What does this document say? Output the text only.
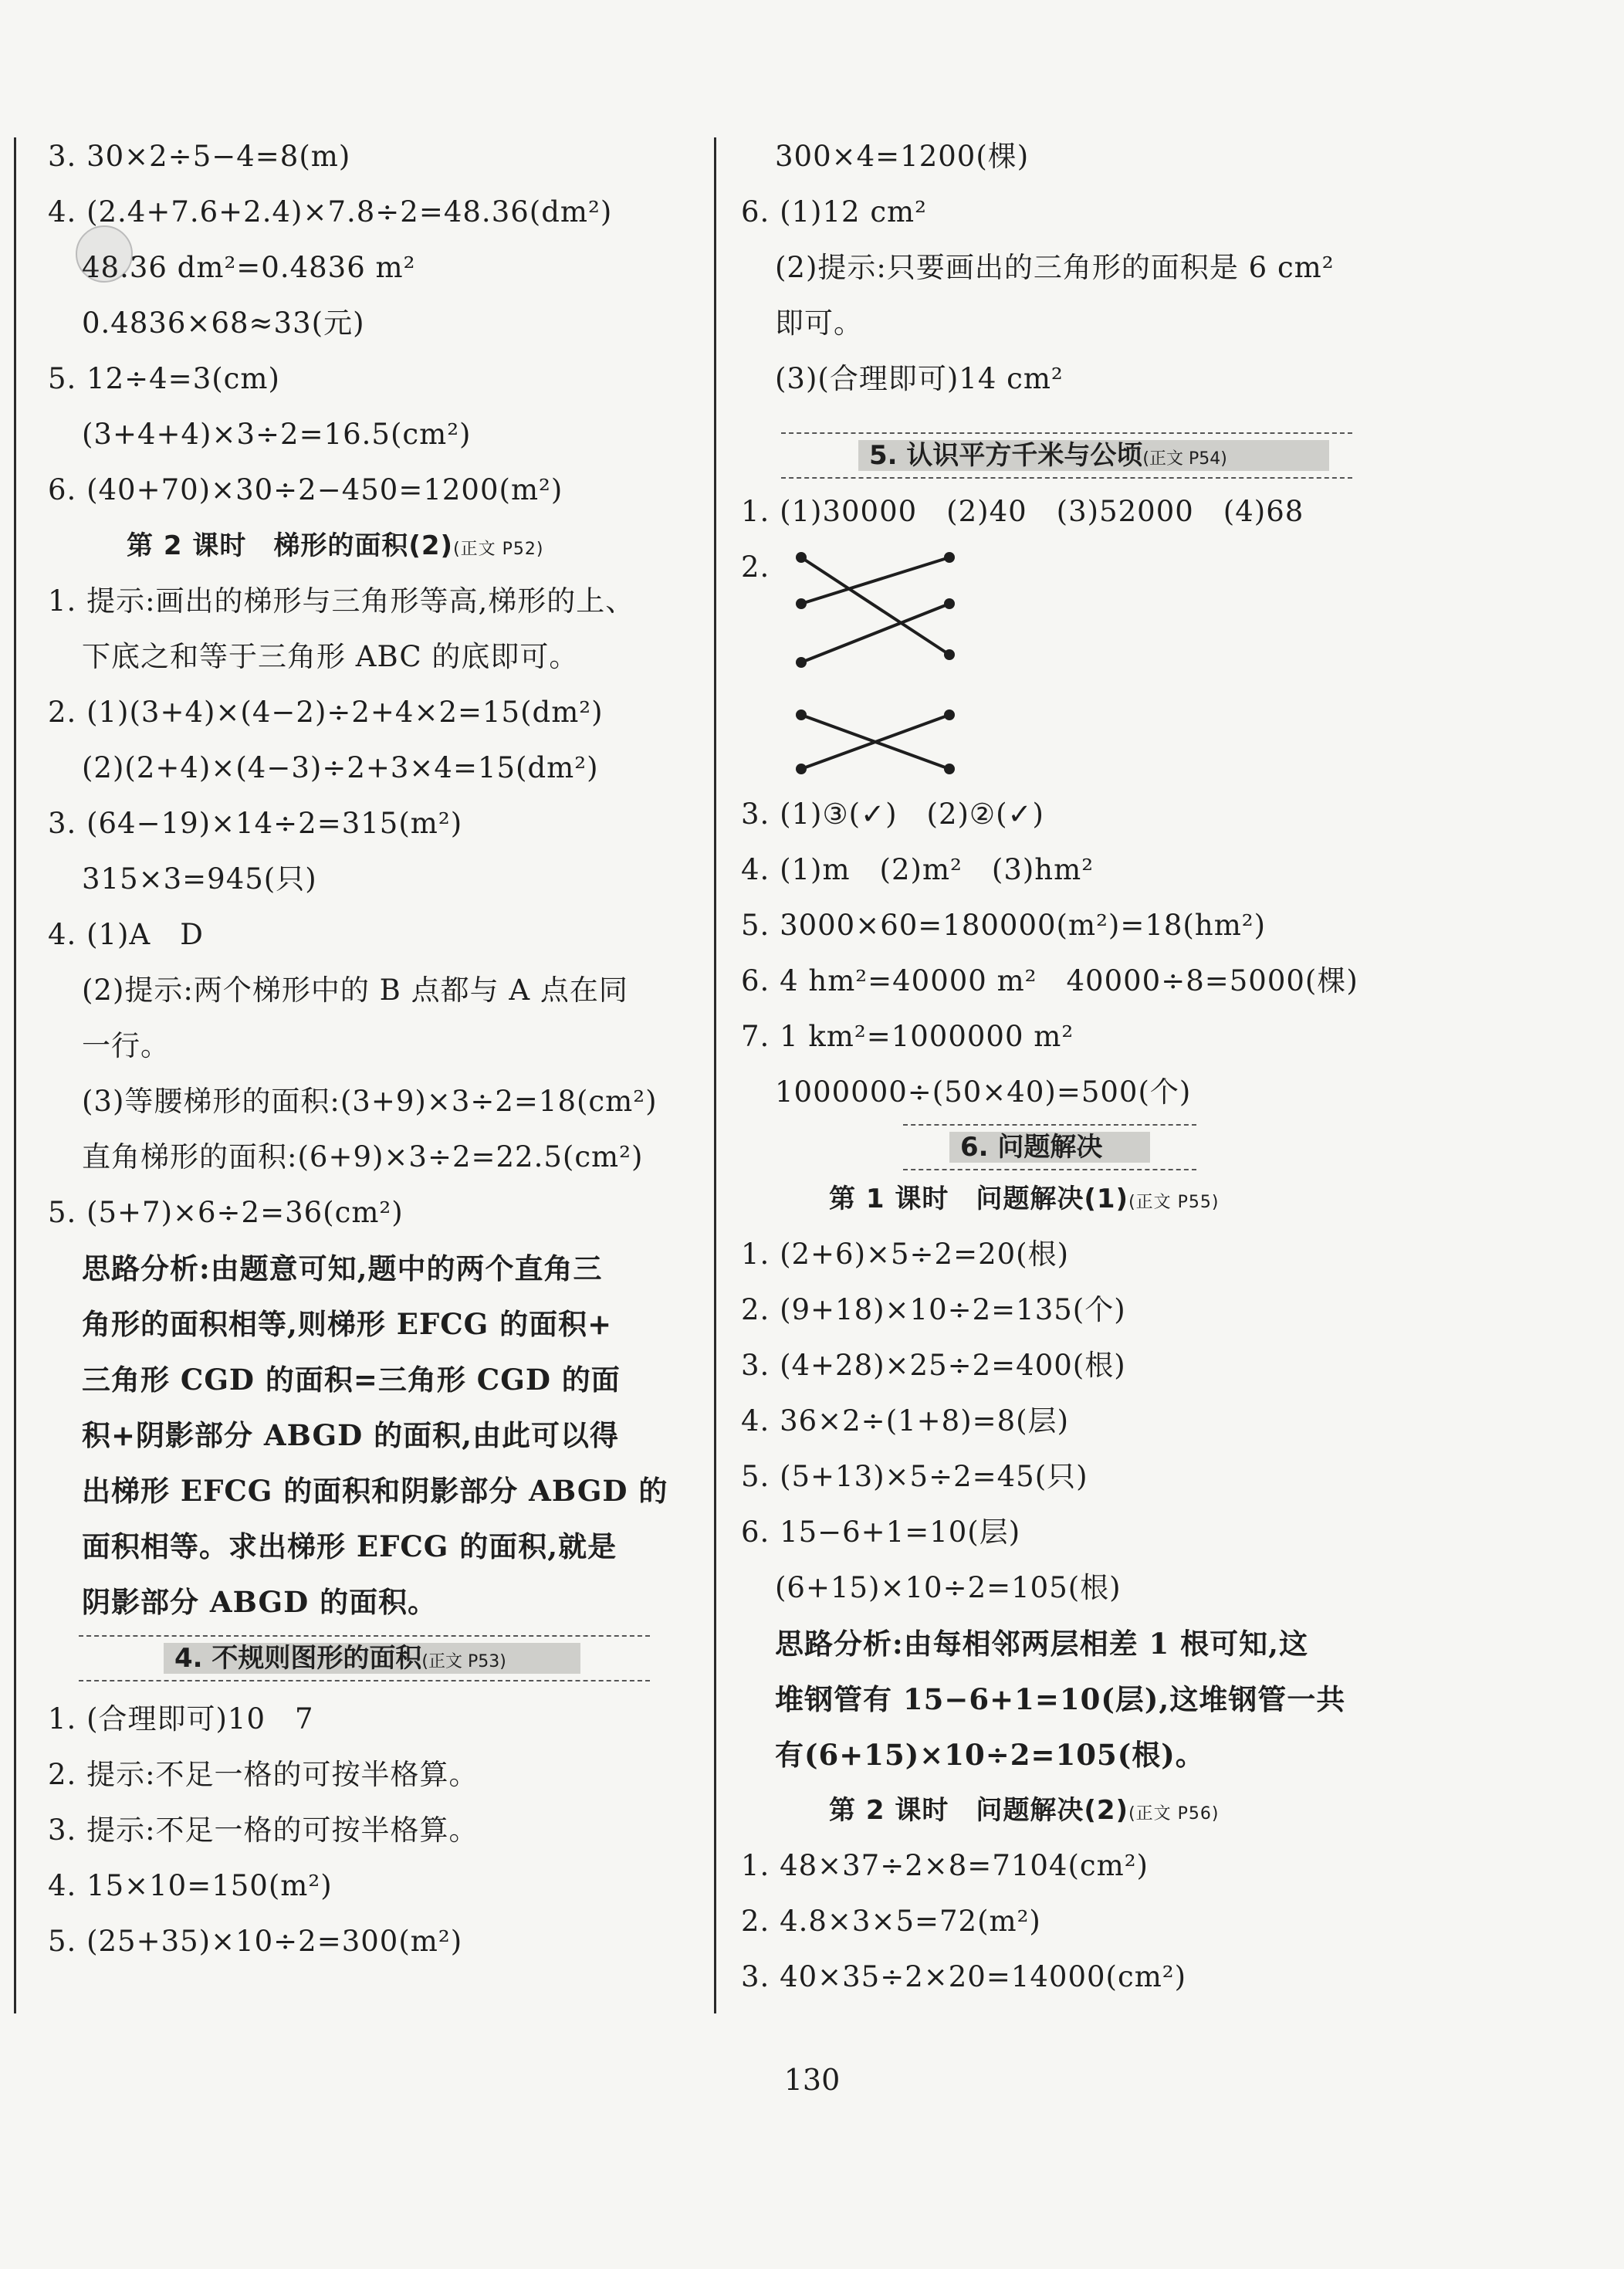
3. 30×2÷5−4=8(m)
4. (2.4+7.6+2.4)×7.8÷2=48.36(dm²)
48.36 dm²=0.4836 m²
0.4836×68≈33(元)
5. 12÷4=3(cm)
(3+4+4)×3÷2=16.5(cm²)
6. (40+70)×30÷2−450=1200(m²)
第 2 课时　梯形的面积(2)(正文 P52)
1. 提示:画出的梯形与三角形等高,梯形的上、
下底之和等于三角形 ABC 的底即可。
2. (1)(3+4)×(4−2)÷2+4×2=15(dm²)
(2)(2+4)×(4−3)÷2+3×4=15(dm²)
3. (64−19)×14÷2=315(m²)
315×3=945(只)
4. (1)A　D
(2)提示:两个梯形中的 B 点都与 A 点在同
一行。
(3)等腰梯形的面积:(3+9)×3÷2=18(cm²)
直角梯形的面积:(6+9)×3÷2=22.5(cm²)
5. (5+7)×6÷2=36(cm²)
思路分析:由题意可知,题中的两个直角三
角形的面积相等,则梯形 EFCG 的面积+
三角形 CGD 的面积=三角形 CGD 的面
积+阴影部分 ABGD 的面积,由此可以得
出梯形 EFCG 的面积和阴影部分 ABGD 的
面积相等。求出梯形 EFCG 的面积,就是
阴影部分 ABGD 的面积。
4. 不规则图形的面积(正文 P53)
1. (合理即可)10　7
2. 提示:不足一格的可按半格算。
3. 提示:不足一格的可按半格算。
4. 15×10=150(m²)
5. (25+35)×10÷2=300(m²)
300×4=1200(棵)
6. (1)12 cm²
(2)提示:只要画出的三角形的面积是 6 cm²
即可。
(3)(合理即可)14 cm²
5. 认识平方千米与公顷(正文 P54)
1. (1)30000　(2)40　(3)52000　(4)68
2.
3. (1)③(✓)　(2)②(✓)
4. (1)m　(2)m²　(3)hm²
5. 3000×60=180000(m²)=18(hm²)
6. 4 hm²=40000 m²　40000÷8=5000(棵)
7. 1 km²=1000000 m²
1000000÷(50×40)=500(个)
6. 问题解决
第 1 课时　问题解决(1)(正文 P55)
1. (2+6)×5÷2=20(根)
2. (9+18)×10÷2=135(个)
3. (4+28)×25÷2=400(根)
4. 36×2÷(1+8)=8(层)
5. (5+13)×5÷2=45(只)
6. 15−6+1=10(层)
(6+15)×10÷2=105(根)
思路分析:由每相邻两层相差 1 根可知,这
堆钢管有 15−6+1=10(层),这堆钢管一共
有(6+15)×10÷2=105(根)。
第 2 课时　问题解决(2)(正文 P56)
1. 48×37÷2×8=7104(cm²)
2. 4.8×3×5=72(m²)
3. 40×35÷2×20=14000(cm²)
130
